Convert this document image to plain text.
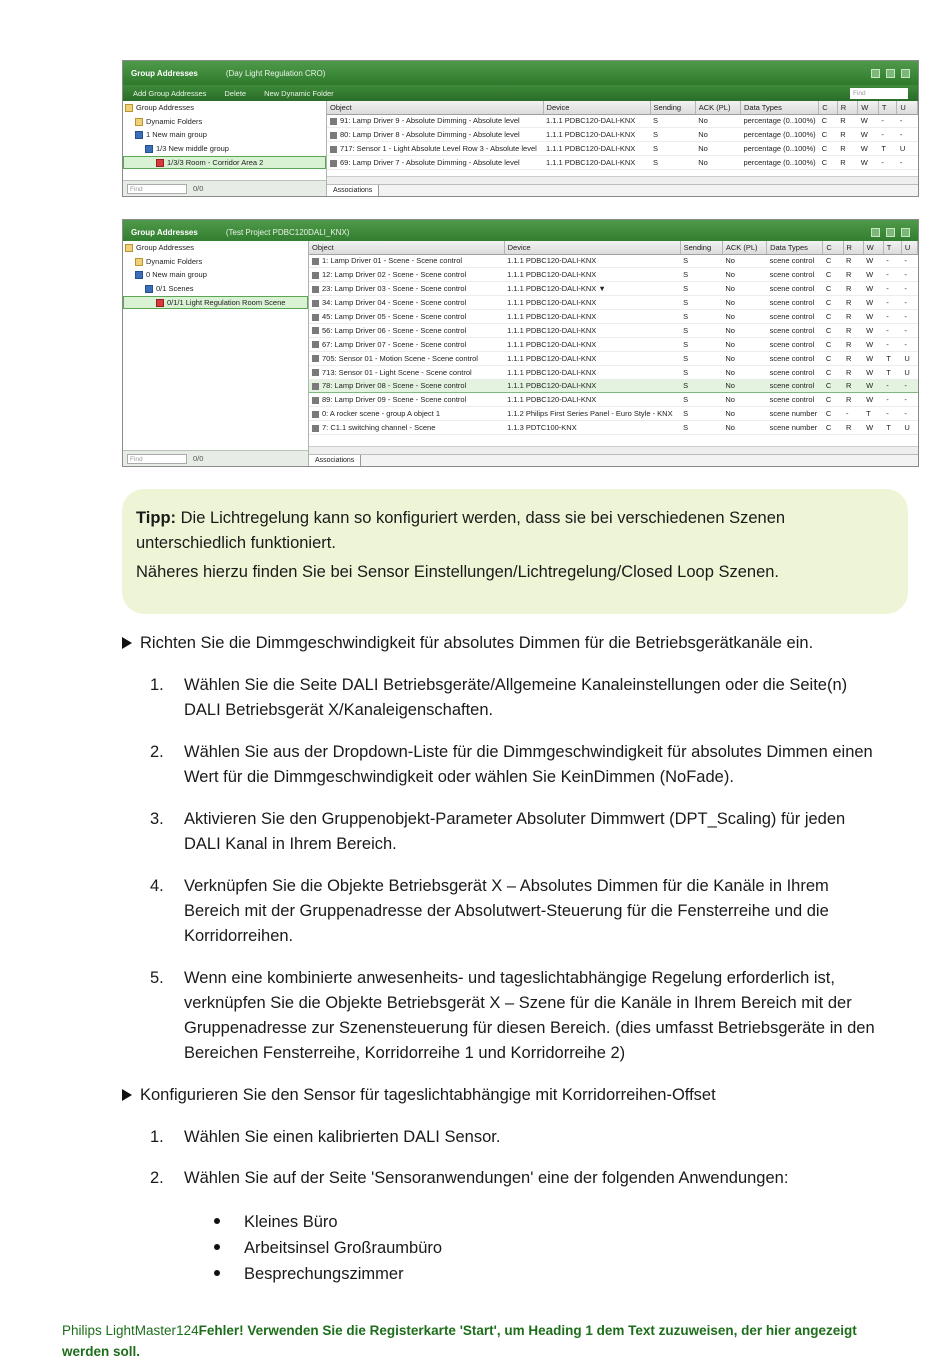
Group Addresses	(Day Light Regulation CRO)
Add Group Addresses Delete New Dynamic Folder	Find
Group Addresses
Dynamic Folders
1 New main group
1/3 New middle group
1/3/3 Room - Corridor Area 2
Find	0/0
Object	Device	Sending	ACK (PL)	Data Types	C	R	W	T	U
91: Lamp Driver 9 - Absolute Dimming - Absolute level	1.1.1 PDBC120-DALI-KNX	S	No	percentage (0..100%)	C	R	W	-	-
80: Lamp Driver 8 - Absolute Dimming - Absolute level	1.1.1 PDBC120-DALI-KNX	S	No	percentage (0..100%)	C	R	W	-	-
717: Sensor 1 - Light Absolute Level Row 3 - Absolute level	1.1.1 PDBC120-DALI-KNX	S	No	percentage (0..100%)	C	R	W	T	U
69: Lamp Driver 7 - Absolute Dimming - Absolute level	1.1.1 PDBC120-DALI-KNX	S	No	percentage (0..100%)	C	R	W	-	-
Associations
Group Addresses	(Test Project PDBC120DALI_KNX)
Group Addresses
Dynamic Folders
0 New main group
0/1 Scenes
0/1/1 Light Regulation Room Scene
Find	0/0
Object	Device	Sending	ACK (PL)	Data Types	C	R	W	T	U
1: Lamp Driver 01 - Scene - Scene control	1.1.1 PDBC120-DALI-KNX	S	No	scene control	C	R	W	-	-
12: Lamp Driver 02 - Scene - Scene control	1.1.1 PDBC120-DALI-KNX	S	No	scene control	C	R	W	-	-
23: Lamp Driver 03 - Scene - Scene control	1.1.1 PDBC120-DALI-KNX ▼	S	No	scene control	C	R	W	-	-
34: Lamp Driver 04 - Scene - Scene control	1.1.1 PDBC120-DALI-KNX	S	No	scene control	C	R	W	-	-
45: Lamp Driver 05 - Scene - Scene control	1.1.1 PDBC120-DALI-KNX	S	No	scene control	C	R	W	-	-
56: Lamp Driver 06 - Scene - Scene control	1.1.1 PDBC120-DALI-KNX	S	No	scene control	C	R	W	-	-
67: Lamp Driver 07 - Scene - Scene control	1.1.1 PDBC120-DALI-KNX	S	No	scene control	C	R	W	-	-
705: Sensor 01 - Motion Scene - Scene control	1.1.1 PDBC120-DALI-KNX	S	No	scene control	C	R	W	T	U
713: Sensor 01 - Light Scene - Scene control	1.1.1 PDBC120-DALI-KNX	S	No	scene control	C	R	W	T	U
78: Lamp Driver 08 - Scene - Scene control	1.1.1 PDBC120-DALI-KNX	S	No	scene control	C	R	W	-	-
89: Lamp Driver 09 - Scene - Scene control	1.1.1 PDBC120-DALI-KNX	S	No	scene control	C	R	W	-	-
0: A rocker scene - group A object 1	1.1.2 Philips First Series Panel - Euro Style - KNX	S	No	scene number	C	-	T	-	-
7: C1.1 switching channel - Scene	1.1.3 PDTC100-KNX	S	No	scene number	C	R	W	T	U
Associations

Tipp: Die Lichtregelung kann so konfiguriert werden, dass sie bei verschiedenen Szenen unterschiedlich funktioniert.

Näheres hierzu finden Sie bei Sensor Einstellungen/Lichtregelung/Closed Loop Szenen.

Richten Sie die Dimmgeschwindigkeit für absolutes Dimmen für die Betriebsgerätkanäle ein.
1.	Wählen Sie die Seite DALI Betriebsgeräte/Allgemeine Kanaleinstellungen oder die Seite(n) DALI Betriebsgerät X/Kanaleigenschaften.
2.	Wählen Sie aus der Dropdown-Liste für die Dimmgeschwindigkeit für absolutes Dimmen einen Wert für die Dimmgeschwindigkeit oder wählen Sie KeinDimmen (NoFade).
3.	Aktivieren Sie den Gruppenobjekt-Parameter Absoluter Dimmwert (DPT_Scaling) für jeden DALI Kanal in Ihrem Bereich.
4.	Verknüpfen Sie die Objekte Betriebsgerät X – Absolutes Dimmen für die Kanäle in Ihrem Bereich mit der Gruppenadresse der Absolutwert-Steuerung für die Fensterreihe und die Korridorreihen.
5.	Wenn eine kombinierte anwesenheits- und tageslichtabhängige Regelung erforderlich ist, verknüpfen Sie die Objekte Betriebsgerät X – Szene für die Kanäle in Ihrem Bereich mit der Gruppenadresse zur Szenensteuerung für diesen Bereich. (dies umfasst Betriebsgeräte in den Bereichen Fensterreihe, Korridorreihe 1 und Korridorreihe 2)
Konfigurieren Sie den Sensor für tageslichtabhängige mit Korridorreihen-Offset
1.	Wählen Sie einen kalibrierten DALI Sensor.
2.	Wählen Sie auf der Seite 'Sensoranwendungen' eine der folgenden Anwendungen:
Kleines Büro
Arbeitsinsel Großraumbüro
Besprechungszimmer
Philips LightMaster124Fehler! Verwenden Sie die Registerkarte 'Start', um Heading 1 dem Text zuzuweisen, der hier angezeigt werden soll.
